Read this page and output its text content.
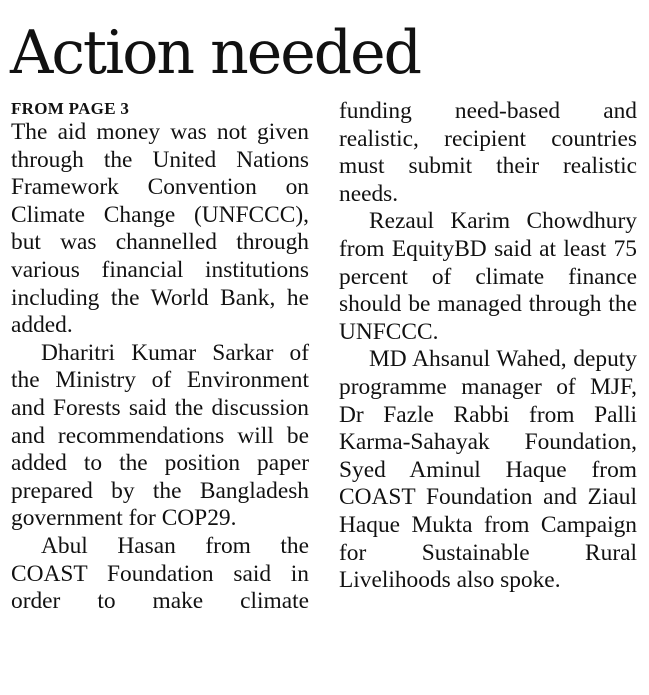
Action needed
FROM PAGE 3

The aid money was not given through the United Nations Framework Convention on Climate Change (UNFCCC), but was channelled through various financial institutions including the World Bank, he added.

Dharitri Kumar Sarkar of the Ministry of Environment and Forests said the discussion and recommendations will be added to the position paper prepared by the Bangladesh government for COP29.

Abul Hasan from the COAST Foundation said in order to make climate

funding need-based and realistic, recipient countries must submit their realistic needs.

Rezaul Karim Chowdhury from EquityBD said at least 75 percent of climate finance should be managed through the UNFCCC.

MD Ahsanul Wahed, deputy programme manager of MJF, Dr Fazle Rabbi from Palli Karma-Sahayak Foundation, Syed Aminul Haque from COAST Foundation and Ziaul Haque Mukta from Campaign for Sustainable Rural Livelihoods also spoke.
